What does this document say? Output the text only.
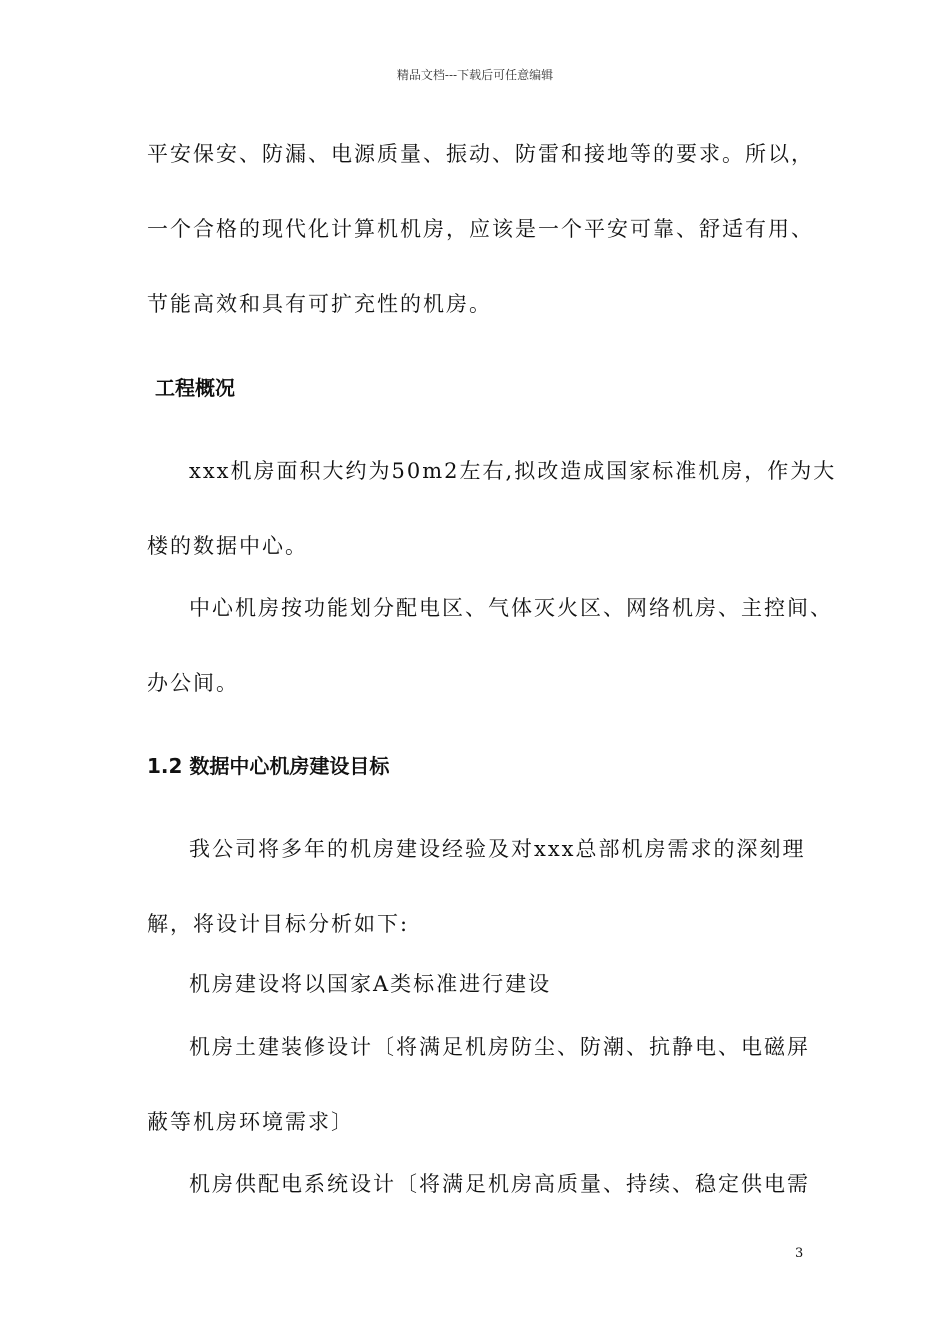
精品文档---下载后可任意编辑
平安保安、防漏、电源质量、振动、防雷和接地等的要求。所以，
一个合格的现代化计算机机房，应该是一个平安可靠、舒适有用、
节能高效和具有可扩充性的机房。
工程概况
xxx机房面积大约为50m2左右,拟改造成国家标准机房，作为大
楼的数据中心。
中心机房按功能划分配电区、气体灭火区、网络机房、主控间、
办公间。
1.2 数据中心机房建设目标
我公司将多年的机房建设经验及对xxx总部机房需求的深刻理
解，将设计目标分析如下:
机房建设将以国家A类标准进行建设
机房土建装修设计〔将满足机房防尘、防潮、抗静电、电磁屏
蔽等机房环境需求〕
机房供配电系统设计〔将满足机房高质量、持续、稳定供电需
3
